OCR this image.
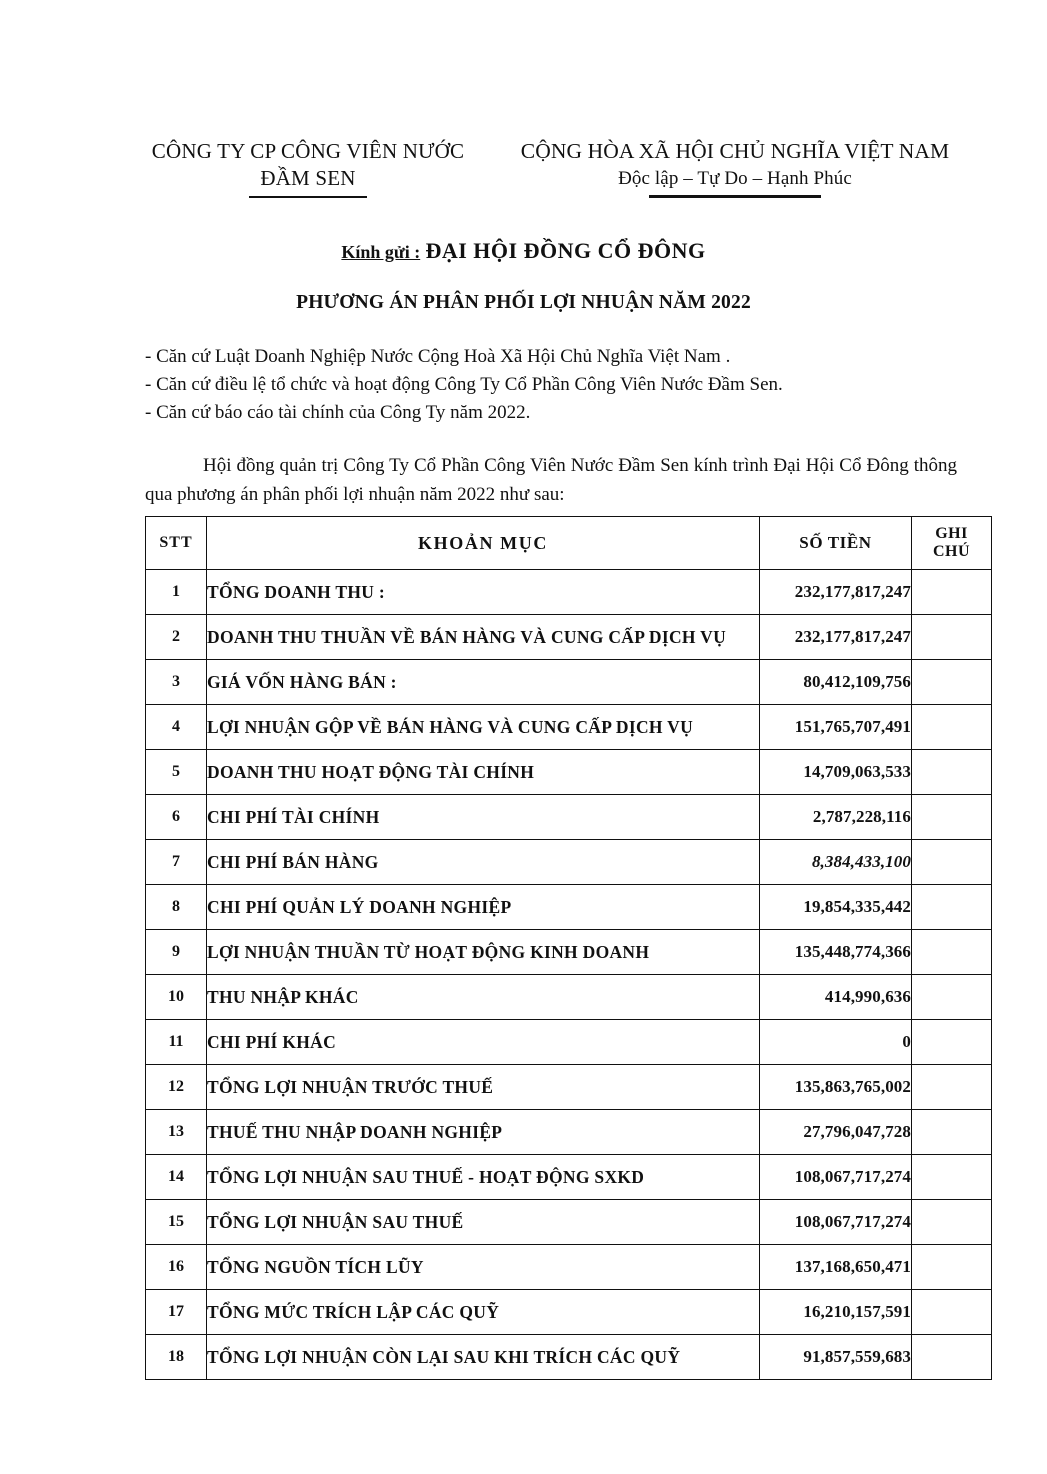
CÔNG TY CP CÔNG VIÊN NƯỚC
ĐẦM SEN
CỘNG HÒA XÃ HỘI CHỦ NGHĨA VIỆT NAM
Độc lập – Tự Do – Hạnh Phúc
Kính gửi : ĐẠI HỘI ĐỒNG CỔ ĐÔNG
PHƯƠNG ÁN PHÂN PHỐI LỢI NHUẬN NĂM 2022
- Căn cứ Luật Doanh Nghiệp Nước Cộng Hoà Xã Hội Chủ Nghĩa Việt Nam .
- Căn cứ điều lệ tổ chức và hoạt động Công Ty Cổ Phần Công Viên Nước Đầm Sen.
- Căn cứ báo cáo tài chính của Công Ty năm 2022.
Hội đồng quản trị Công Ty Cổ Phần Công Viên Nước Đầm Sen kính trình Đại Hội Cổ Đông thông qua phương án phân phối lợi nhuận năm 2022 như sau:
STT	KHOẢN MỤC	SỐ TIỀN	GHI
CHÚ

1	TỔNG DOANH THU :	232,177,817,247	
2	DOANH THU THUẦN VỀ BÁN HÀNG VÀ CUNG CẤP DỊCH VỤ	232,177,817,247	
3	GIÁ VỐN HÀNG BÁN :	80,412,109,756	
4	LỢI NHUẬN GỘP VỀ BÁN HÀNG VÀ CUNG CẤP DỊCH VỤ	151,765,707,491	
5	DOANH THU HOẠT ĐỘNG TÀI CHÍNH	14,709,063,533	
6	CHI PHÍ TÀI CHÍNH	2,787,228,116	
7	CHI PHÍ BÁN HÀNG	8,384,433,100	
8	CHI PHÍ QUẢN LÝ DOANH NGHIỆP	19,854,335,442	
9	LỢI NHUẬN THUẦN TỪ HOẠT ĐỘNG KINH DOANH	135,448,774,366	
10	THU NHẬP KHÁC	414,990,636	
11	CHI PHÍ KHÁC	0	
12	TỔNG LỢI NHUẬN TRƯỚC THUẾ	135,863,765,002	
13	THUẾ THU NHẬP DOANH NGHIỆP	27,796,047,728	
14	TỔNG LỢI NHUẬN SAU THUẾ - HOẠT ĐỘNG SXKD	108,067,717,274	
15	TỔNG LỢI NHUẬN SAU THUẾ	108,067,717,274	
16	TỔNG NGUỒN TÍCH LŨY	137,168,650,471	
17	TỔNG MỨC TRÍCH LẬP CÁC QUỸ	16,210,157,591	
18	TỔNG LỢI NHUẬN CÒN LẠI SAU KHI TRÍCH CÁC QUỸ	91,857,559,683	
